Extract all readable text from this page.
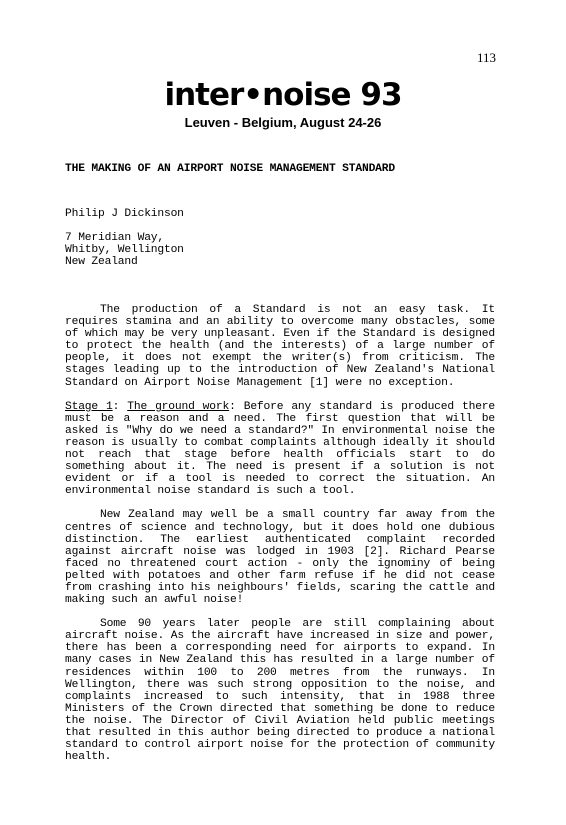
113
inter•noise 93
Leuven - Belgium, August 24-26
THE MAKING OF AN AIRPORT NOISE MANAGEMENT STANDARD
Philip J Dickinson
7 Meridian Way,
Whitby, Wellington
New Zealand

The production of a Standard is not an easy task. It requires stamina and an ability to overcome many obstacles, some of which may be very unpleasant. Even if the Standard is designed to protect the health (and the interests) of a large number of people, it does not exempt the writer(s) from criticism. The stages leading up to the introduction of New Zealand's National Standard on Airport Noise Management [1] were no exception.

Stage 1: The ground work: Before any standard is produced there must be a reason and a need. The first question that will be asked is "Why do we need a standard?" In environmental noise the reason is usually to combat complaints although ideally it should not reach that stage before health officials start to do something about it. The need is present if a solution is not evident or if a tool is needed to correct the situation. An environmental noise standard is such a tool.

New Zealand may well be a small country far away from the centres of science and technology, but it does hold one dubious distinction. The earliest authenticated complaint recorded against aircraft noise was lodged in 1903 [2]. Richard Pearse faced no threatened court action - only the ignominy of being pelted with potatoes and other farm refuse if he did not cease from crashing into his neighbours' fields, scaring the cattle and making such an awful noise!

Some 90 years later people are still complaining about aircraft noise. As the aircraft have increased in size and power, there has been a corresponding need for airports to expand. In many cases in New Zealand this has resulted in a large number of residences within 100 to 200 metres from the runways. In Wellington, there was such strong opposition to the noise, and complaints increased to such intensity, that in 1988 three Ministers of the Crown directed that something be done to reduce the noise. The Director of Civil Aviation held public meetings that resulted in this author being directed to produce a national standard to control airport noise for the protection of community health.
